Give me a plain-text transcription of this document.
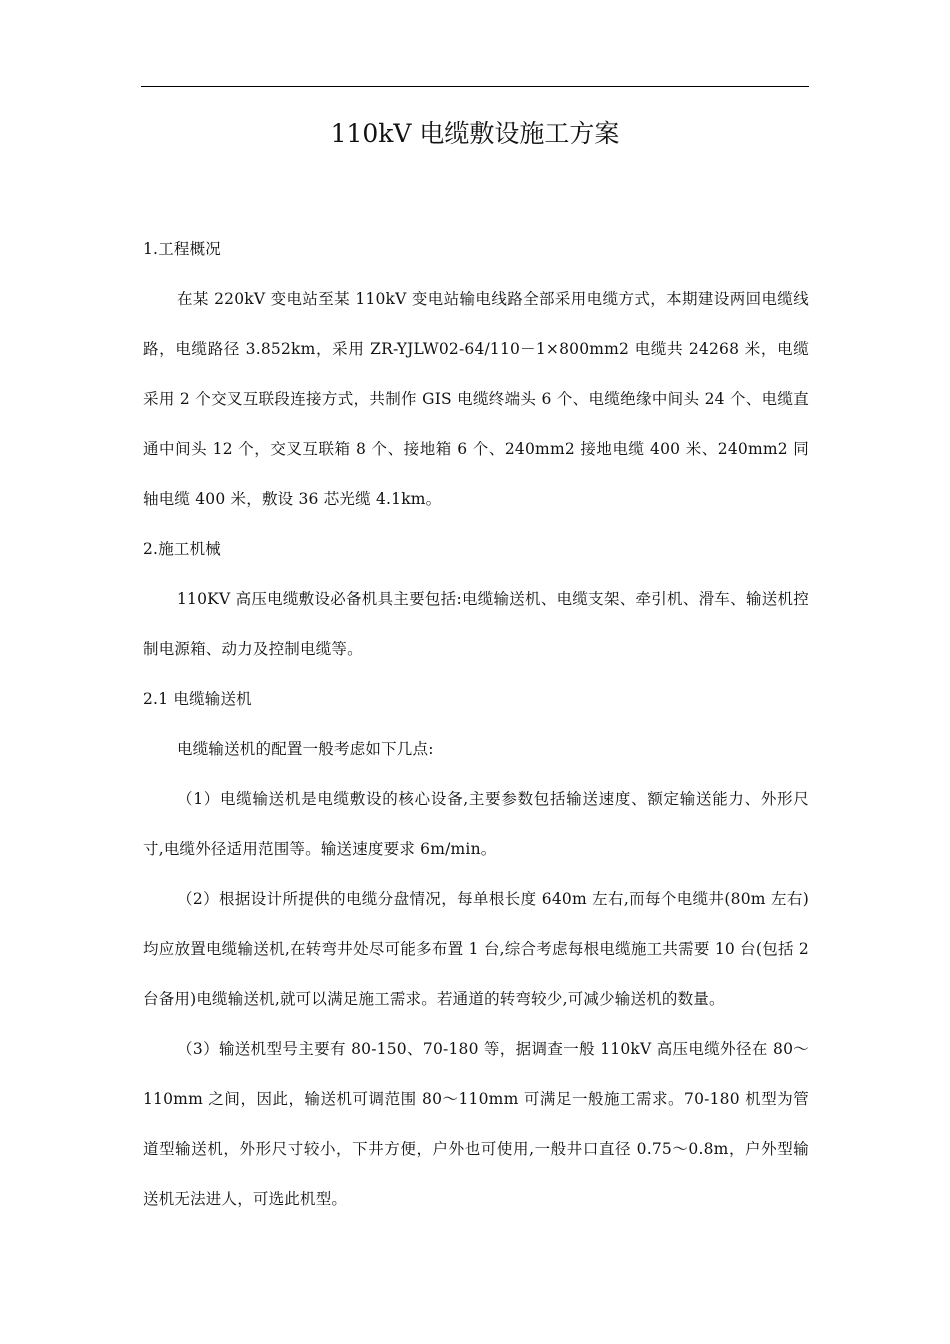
110kV 电缆敷设施工方案

1.工程概况

在某 220kV 变电站至某 110kV 变电站输电线路全部采用电缆方式，本期建设两回电缆线路，电缆路径 3.852km，采用 ZR-YJLW02-64/110－1×800mm2 电缆共 24268 米，电缆采用 2 个交叉互联段连接方式，共制作 GIS 电缆终端头 6 个、电缆绝缘中间头 24 个、电缆直通中间头 12 个，交叉互联箱 8 个、接地箱 6 个、240mm2 接地电缆 400 米、240mm2 同轴电缆 400 米，敷设 36 芯光缆 4.1km。

2.施工机械

110KV 高压电缆敷设必备机具主要包括:电缆输送机、电缆支架、牵引机、滑车、输送机控制电源箱、动力及控制电缆等。

2.1 电缆输送机

电缆输送机的配置一般考虑如下几点:

（1）电缆输送机是电缆敷设的核心设备,主要参数包括输送速度、额定输送能力、外形尺寸,电缆外径适用范围等。输送速度要求 6m/min。

（2）根据设计所提供的电缆分盘情况，每单根长度 640m 左右,而每个电缆井(80m 左右)均应放置电缆输送机,在转弯井处尽可能多布置 1 台,综合考虑每根电缆施工共需要 10 台(包括 2 台备用)电缆输送机,就可以满足施工需求。若通道的转弯较少,可减少输送机的数量。

（3）输送机型号主要有 80-150、70-180 等，据调查一般 110kV 高压电缆外径在 80～110mm 之间，因此，输送机可调范围 80～110mm 可满足一般施工需求。70-180 机型为管道型输送机，外形尺寸较小，下井方便，户外也可使用,一般井口直径 0.75～0.8m，户外型输送机无法进人，可选此机型。
